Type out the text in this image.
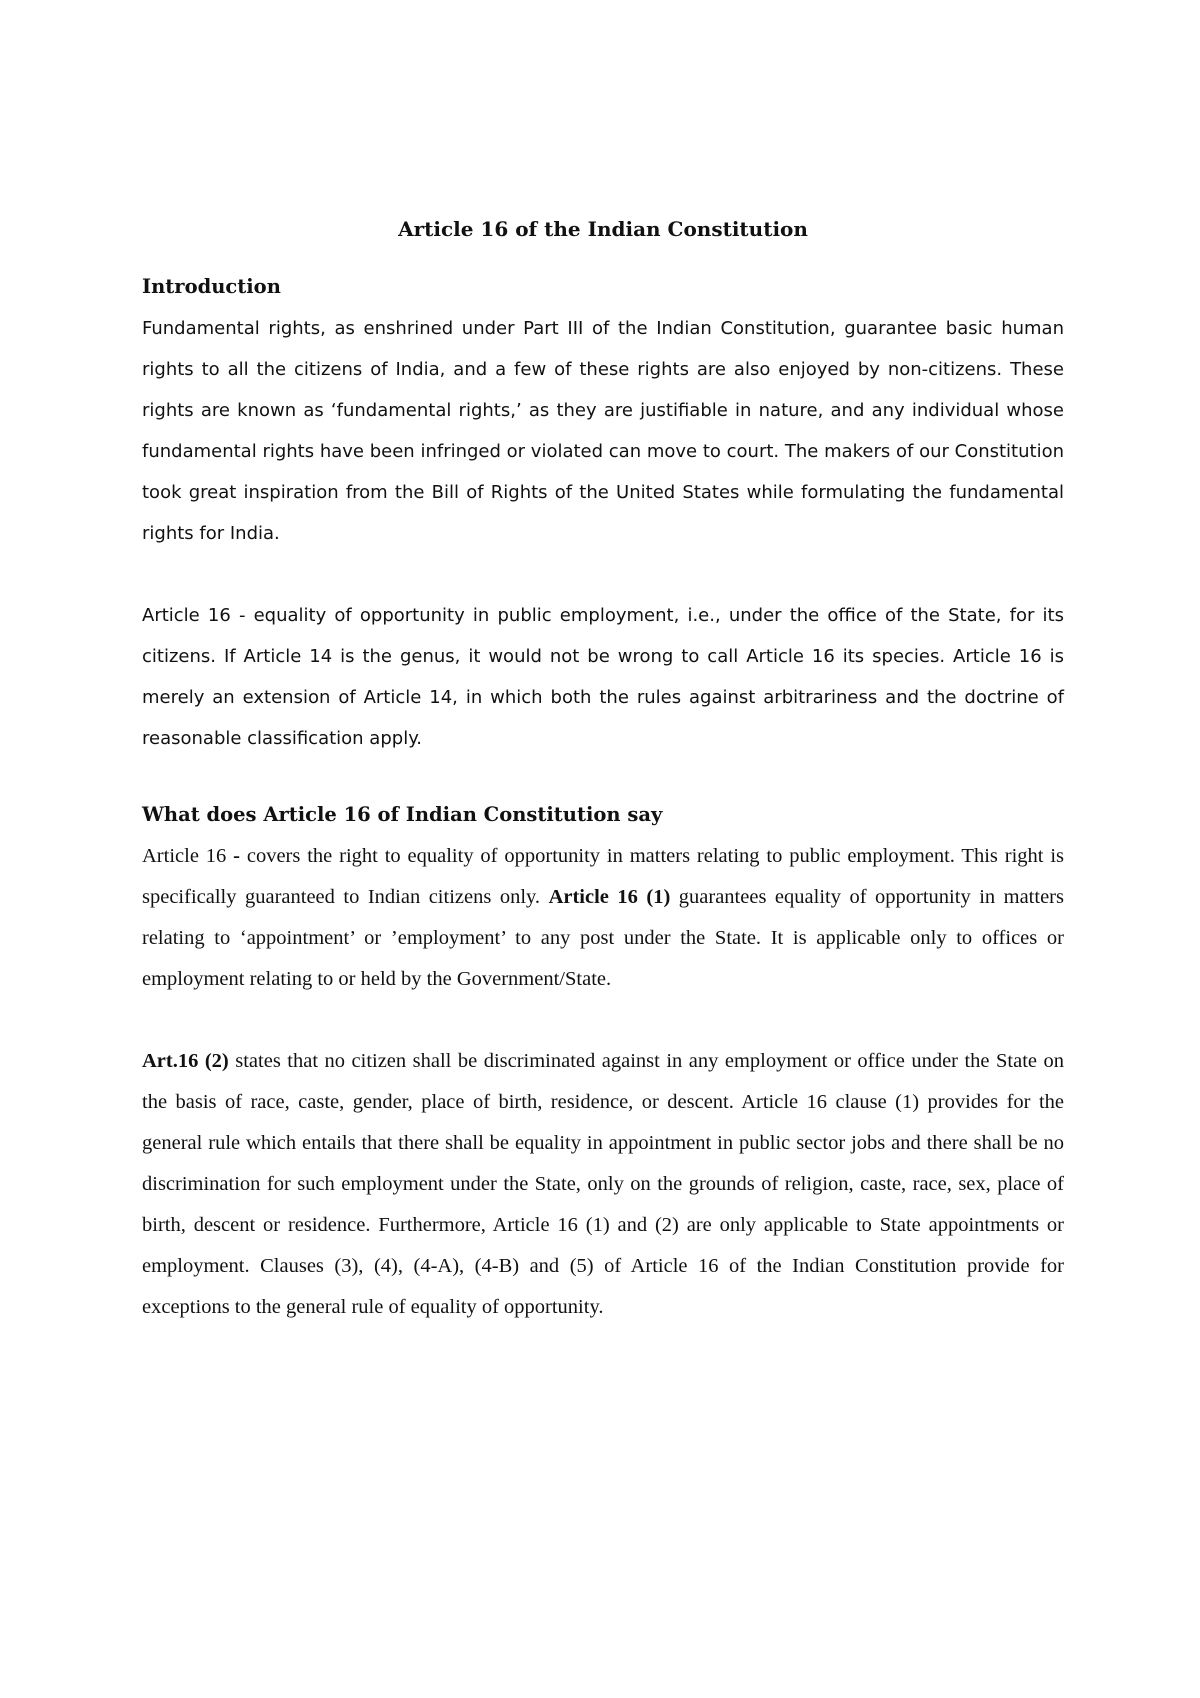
Article 16 of the Indian Constitution
Introduction

Fundamental rights, as enshrined under Part III of the Indian Constitution, guarantee basic human rights to all the citizens of India, and a few of these rights are also enjoyed by non-citizens. These rights are known as ‘fundamental rights,’ as they are justifiable in nature, and any individual whose fundamental rights have been infringed or violated can move to court. The makers of our Constitution took great inspiration from the Bill of Rights of the United States while formulating the fundamental rights for India.

Article 16 - equality of opportunity in public employment, i.e., under the office of the State, for its citizens. If Article 14 is the genus, it would not be wrong to call Article 16 its species. Article 16 is merely an extension of Article 14, in which both the rules against arbitrariness and the doctrine of reasonable classification apply.

What does Article 16 of Indian Constitution say

Article 16 - covers the right to equality of opportunity in matters relating to public employment. This right is specifically guaranteed to Indian citizens only. Article 16 (1) guarantees equality of opportunity in matters relating to ‘appointment’ or ’employment’ to any post under the State. It is applicable only to offices or employment relating to or held by the Government/State.

Art.16 (2) states that no citizen shall be discriminated against in any employment or office under the State on the basis of race, caste, gender, place of birth, residence, or descent. Article 16 clause (1) provides for the general rule which entails that there shall be equality in appointment in public sector jobs and there shall be no discrimination for such employment under the State, only on the grounds of religion, caste, race, sex, place of birth, descent or residence. Furthermore, Article 16 (1) and (2) are only applicable to State appointments or employment. Clauses (3), (4), (4-A), (4-B) and (5) of Article 16 of the Indian Constitution provide for exceptions to the general rule of equality of opportunity.
